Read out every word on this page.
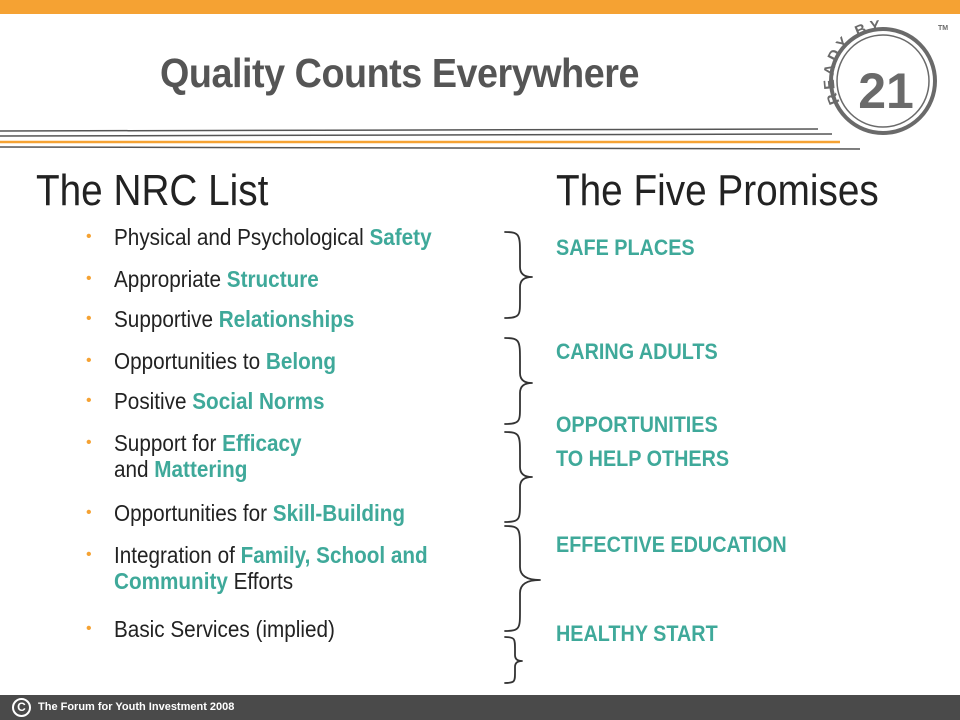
Quality Counts Everywhere
READY BY
21
TM
The NRC List	The Five Promises
• Physical and Psychological Safety
• Appropriate Structure
• Supportive Relationships
• Opportunities to Belong
• Positive Social Norms
• Support for Efficacy
and Mattering
• Opportunities for Skill-Building
• Integration of Family, School and
Community Efforts
• Basic Services (implied)
SAFE PLACES
CARING ADULTS
OPPORTUNITIES
TO HELP OTHERS
EFFECTIVE EDUCATION
HEALTHY START
C	The Forum for Youth Investment 2008
